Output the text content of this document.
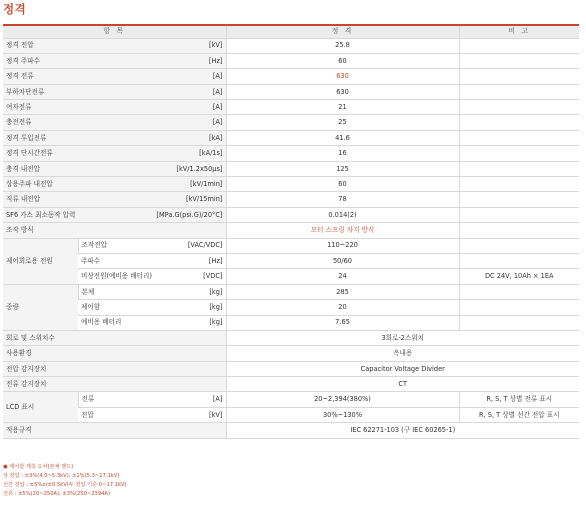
정격
항 목		정 격	비 고

정격 전압 [kV]		25.8	

정격 주파수 [Hz]		60	

정격 전류 [A]		630	

부하차단전류 [A]		630	

여자전류 [A]		21	

충전전류 [A]		25	

정격 투입전류 [kA]		41.6	

정격 단시간전류 [kA/1s]		16	

충격 내전압 [kV/1.2x50μs]		125	

상용주파 내전압 [kV/1min]		60	

직류 내전압 [kV/15min]		78	

SF6 가스 최소동작 압력 [MPa.G(psi.G)/20°C]		0.014(2)	

조작 방식		모터 스프링 차지 방식	
제어회로용 전원	조작전압 [VAC/VDC]	110~220	

	주파수 [Hz]	50/60	

	비상전원(예비용 배터리) [VDC]	24	DC 24V, 10Ah × 1EA
중량	본체 [kg]	285	

	제어함 [kg]	20	

	예비용 배터리 [kg]	7.65	

회로 및 스위치수		3회로-2스위치	

사용환경		옥내용	

전압 감지장치		Capacitor Voltage Divider	

전류 감지장치		CT	
LCD 표시	전류 [A]	20~2,394(380%)	R, S, T 상별 전류 표시

	전압 [kV]	30%~130%	R, S, T 상별 선간 전압 표시

적용규격		IEC 62271-103 (구 IEC 60265-1)	
● 제어함 계측 오차(본체 핸드)
상 전압 : ±3%(4.0~5.3kV), ±1%(5.3~17.1kV)
선간 전압 : ±5%or±0.5kV(두 전압 기준 0~17.1kV)
전류 : ±5%(20~250A), ±3%(250~2394A)
